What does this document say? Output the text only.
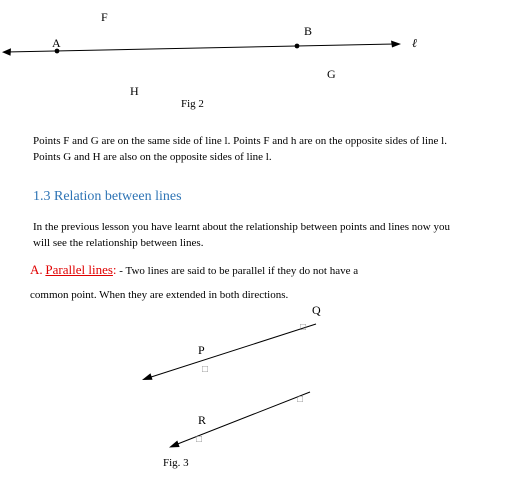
F
A
B
ℓ
G
H
Fig 2
Points F and G are on the same side of line l. Points F and h are on the opposite sides of line l.
Points G and H are also on the opposite sides of line l.
1.3 Relation between lines
In the previous lesson you have learnt about the relationship between points and lines now you
will see the relationship between lines.
A. Parallel lines: - Two lines are said to be parallel if they do not have a
common point. When they are extended in both directions.
Q
P
R
□
□
□
□
Fig. 3
